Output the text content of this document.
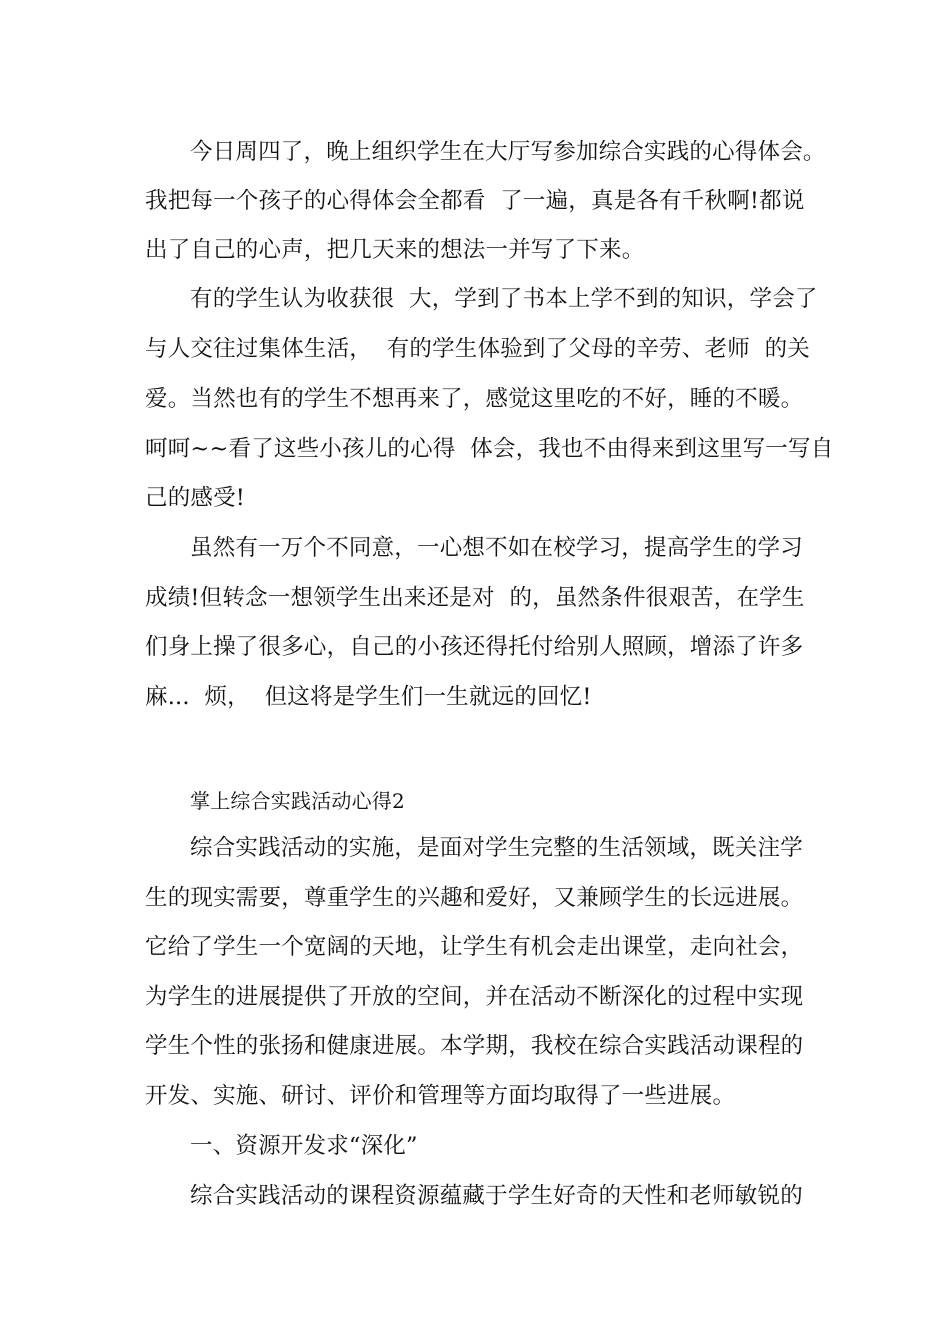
今日周四了，晚上组织学生在大厅写参加综合实践的心得体会。
我把每一个孩子的心得体会全都看  了一遍，真是各有千秋啊!都说
出了自己的心声，把几天来的想法一并写了下来。
有的学生认为收获很  大，学到了书本上学不到的知识，学会了
与人交往过集体生活，  有的学生体验到了父母的辛劳、老师  的关
爱。当然也有的学生不想再来了，感觉这里吃的不好，睡的不暖。
呵呵~~看了这些小孩儿的心得  体会，我也不由得来到这里写一写自
己的感受!
虽然有一万个不同意，一心想不如在校学习，提高学生的学习
成绩!但转念一想领学生出来还是对  的，虽然条件很艰苦，在学生
们身上操了很多心，自己的小孩还得托付给别人照顾，增添了许多
麻...  烦，  但这将是学生们一生就远的回忆!
掌上综合实践活动心得2
综合实践活动的实施，是面对学生完整的生活领域，既关注学
生的现实需要，尊重学生的兴趣和爱好，又兼顾学生的长远进展。
它给了学生一个宽阔的天地，让学生有机会走出课堂，走向社会，
为学生的进展提供了开放的空间，并在活动不断深化的过程中实现
学生个性的张扬和健康进展。本学期，我校在综合实践活动课程的
开发、实施、研讨、评价和管理等方面均取得了一些进展。
一、资源开发求“深化”
综合实践活动的课程资源蕴藏于学生好奇的天性和老师敏锐的
